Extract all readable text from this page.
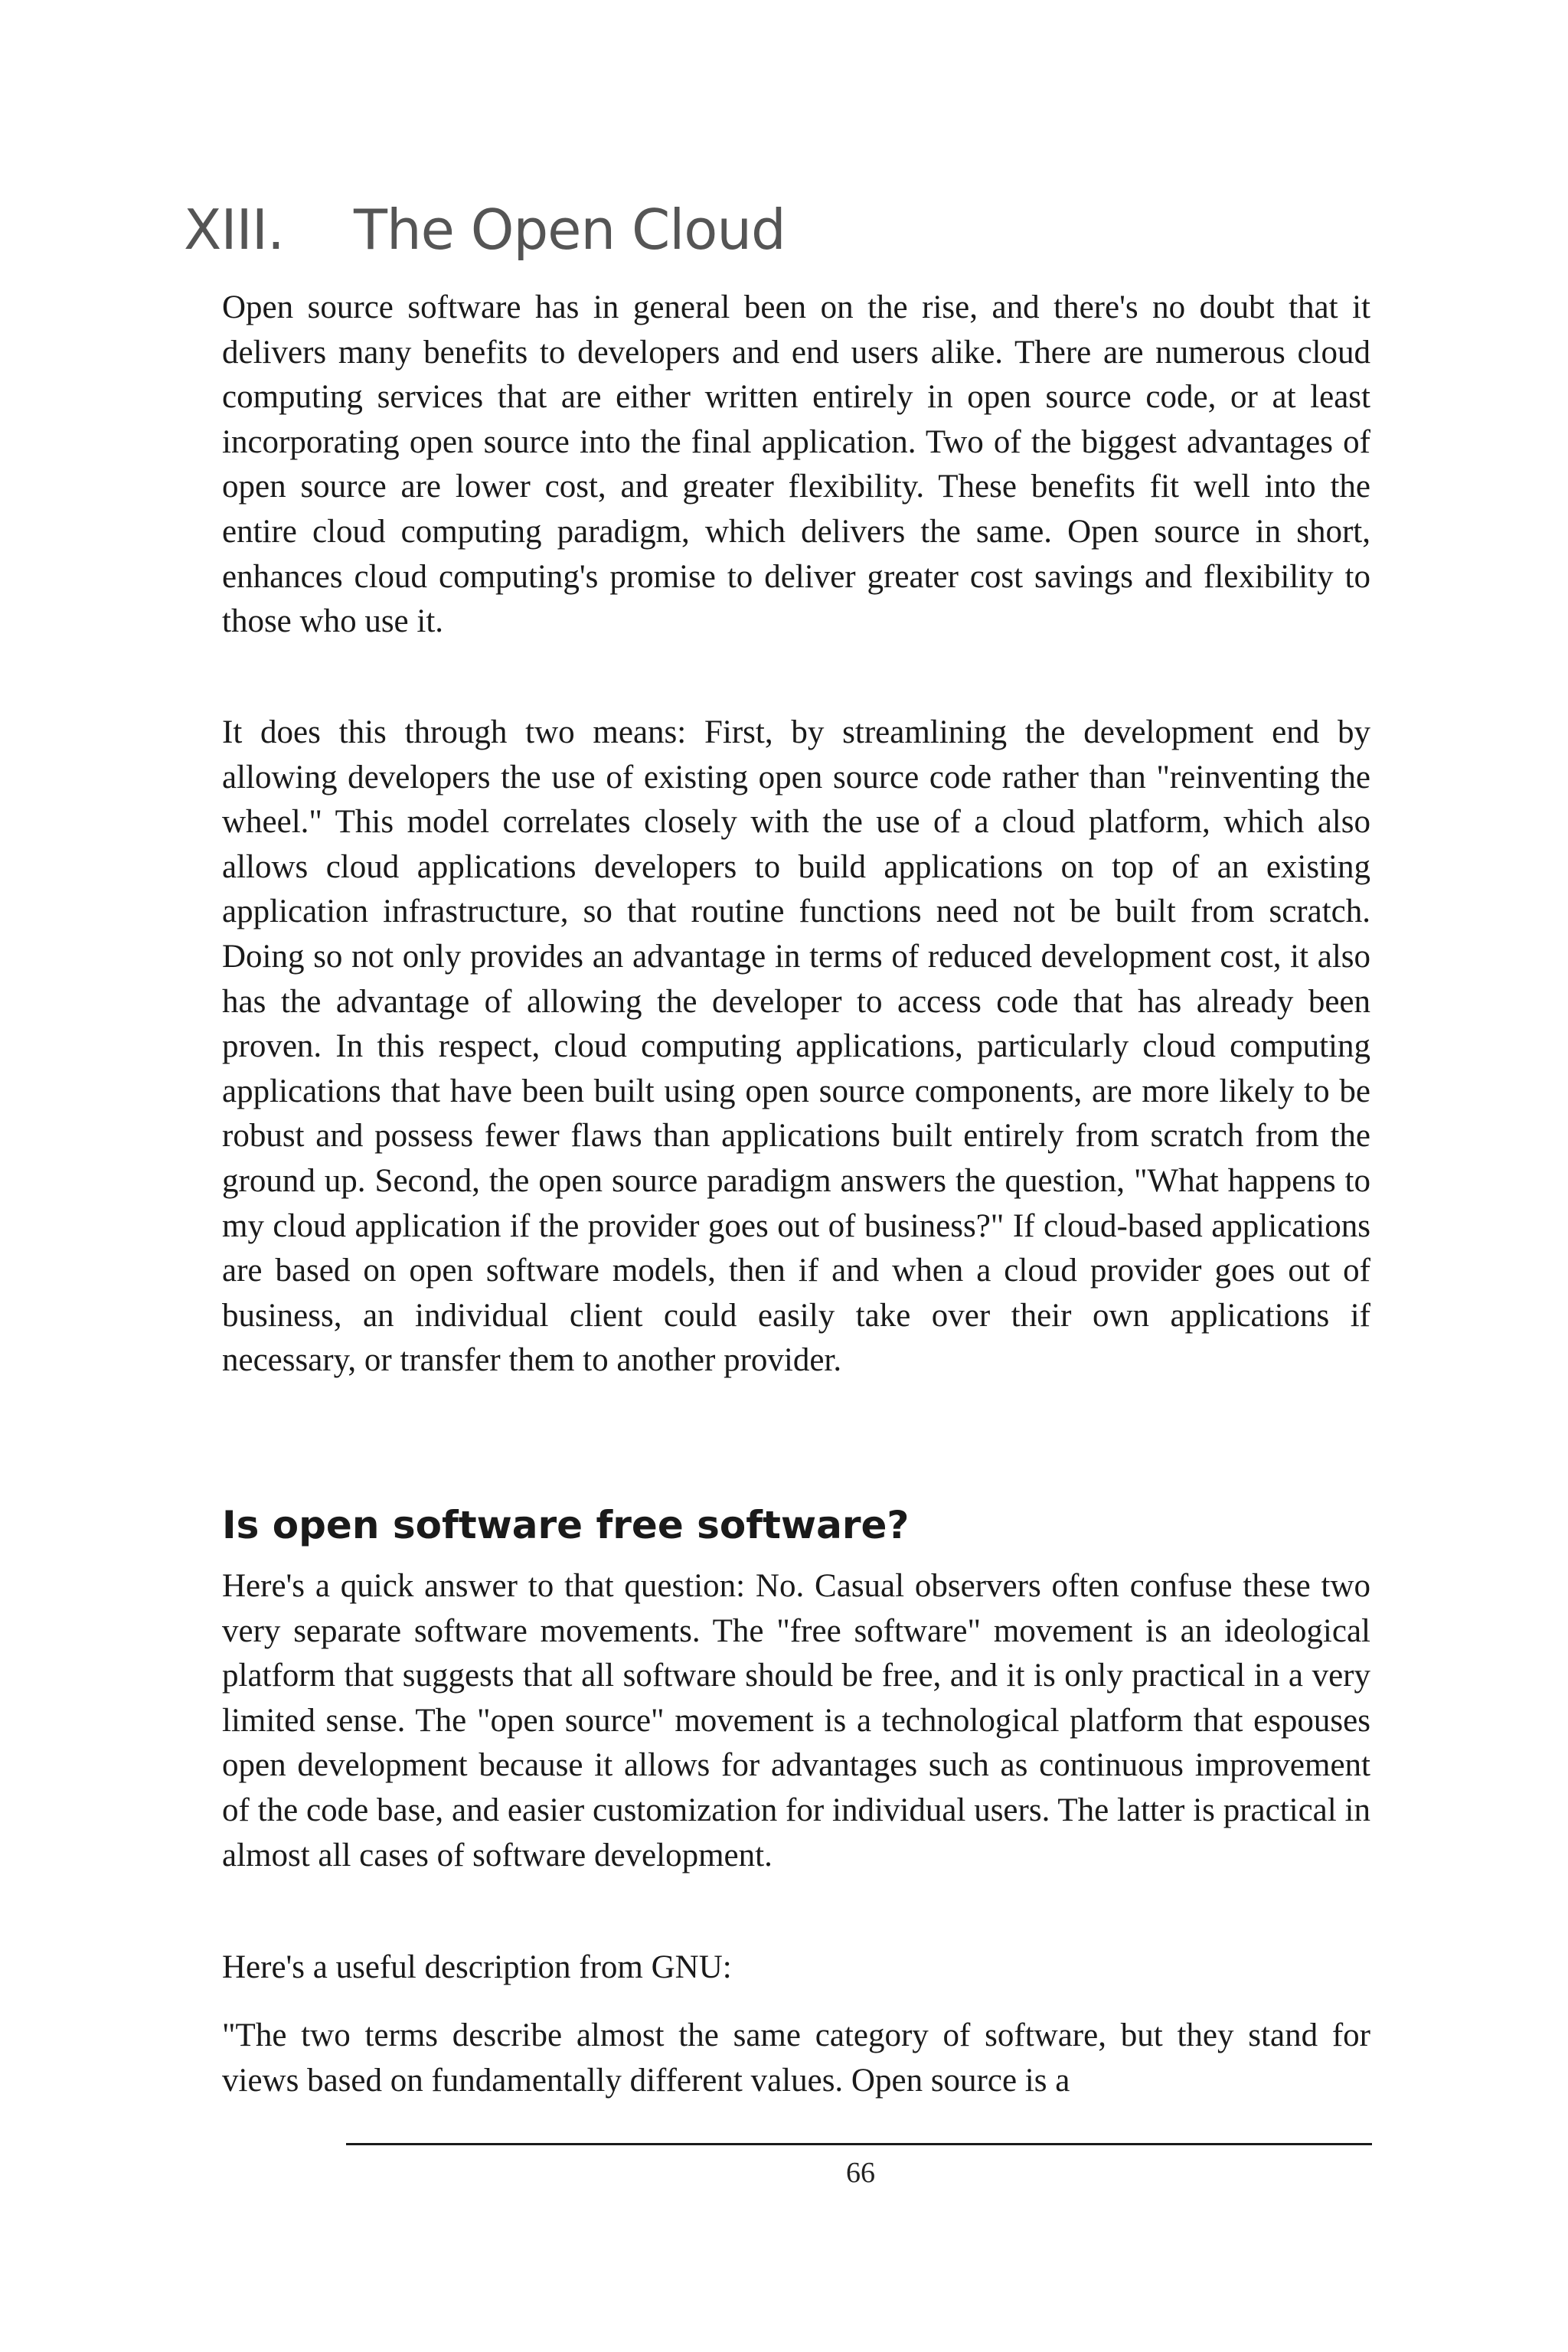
XIII. The Open Cloud

Open source software has in general been on the rise, and there's no doubt that it delivers many benefits to developers and end users alike. There are numerous cloud computing services that are either written entirely in open source code, or at least incorporating open source into the final application. Two of the biggest advantages of open source are lower cost, and greater flexibility. These benefits fit well into the entire cloud computing paradigm, which delivers the same. Open source in short, enhances cloud computing's promise to deliver greater cost savings and flexibility to those who use it.

It does this through two means: First, by streamlining the development end by allowing developers the use of existing open source code rather than "reinventing the wheel." This model correlates closely with the use of a cloud platform, which also allows cloud applications developers to build applications on top of an existing application infrastructure, so that routine functions need not be built from scratch. Doing so not only provides an advantage in terms of reduced development cost, it also has the advantage of allowing the developer to access code that has already been proven. In this respect, cloud computing applications, particularly cloud computing applications that have been built using open source components, are more likely to be robust and possess fewer flaws than applications built entirely from scratch from the ground up. Second, the open source paradigm answers the question, "What happens to my cloud application if the provider goes out of business?" If cloud-based applications are based on open software models, then if and when a cloud provider goes out of business, an individual client could easily take over their own applications if necessary, or transfer them to another provider.

Is open software free software?

Here's a quick answer to that question: No. Casual observers often confuse these two very separate software movements. The "free software" movement is an ideological platform that suggests that all software should be free, and it is only practical in a very limited sense. The "open source" movement is a technological platform that espouses open development because it allows for advantages such as continuous improvement of the code base, and easier customization for individual users. The latter is practical in almost all cases of software development.

Here's a useful description from GNU:

"The two terms describe almost the same category of software, but they stand for views based on fundamentally different values. Open source is a

66
